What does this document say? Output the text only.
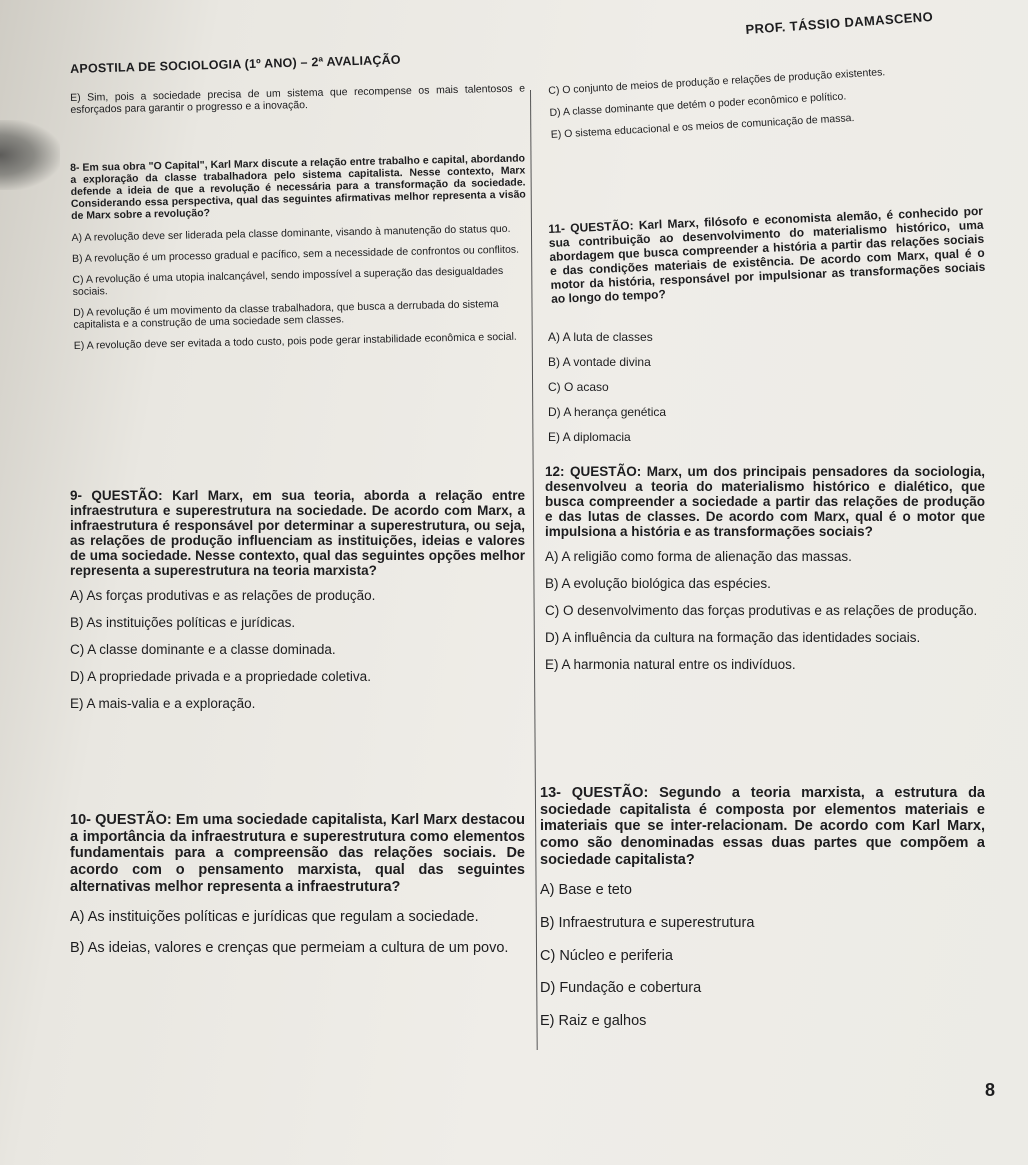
APOSTILA DE SOCIOLOGIA (1º ANO) – 2ª AVALIAÇÃO
PROF. TÁSSIO DAMASCENO

E) Sim, pois a sociedade precisa de um sistema que recompense os mais talentosos e esforçados para garantir o progresso e a inovação.

8- Em sua obra "O Capital", Karl Marx discute a relação entre trabalho e capital, abordando a exploração da classe trabalhadora pelo sistema capitalista. Nesse contexto, Marx defende a ideia de que a revolução é necessária para a transformação da sociedade. Considerando essa perspectiva, qual das seguintes afirmativas melhor representa a visão de Marx sobre a revolução?

A) A revolução deve ser liderada pela classe dominante, visando à manutenção do status quo.

B) A revolução é um processo gradual e pacífico, sem a necessidade de confrontos ou conflitos.

C) A revolução é uma utopia inalcançável, sendo impossível a superação das desigualdades sociais.

D) A revolução é um movimento da classe trabalhadora, que busca a derrubada do sistema capitalista e a construção de uma sociedade sem classes.

E) A revolução deve ser evitada a todo custo, pois pode gerar instabilidade econômica e social.

9- QUESTÃO: Karl Marx, em sua teoria, aborda a relação entre infraestrutura e superestrutura na sociedade. De acordo com Marx, a infraestrutura é responsável por determinar a superestrutura, ou seja, as relações de produção influenciam as instituições, ideias e valores de uma sociedade. Nesse contexto, qual das seguintes opções melhor representa a superestrutura na teoria marxista?

A) As forças produtivas e as relações de produção.

B) As instituições políticas e jurídicas.

C) A classe dominante e a classe dominada.

D) A propriedade privada e a propriedade coletiva.

E) A mais-valia e a exploração.

10- QUESTÃO: Em uma sociedade capitalista, Karl Marx destacou a importância da infraestrutura e superestrutura como elementos fundamentais para a compreensão das relações sociais. De acordo com o pensamento marxista, qual das seguintes alternativas melhor representa a infraestrutura?

A) As instituições políticas e jurídicas que regulam a sociedade.

B) As ideias, valores e crenças que permeiam a cultura de um povo.

C) O conjunto de meios de produção e relações de produção existentes.

D) A classe dominante que detém o poder econômico e político.

E) O sistema educacional e os meios de comunicação de massa.

11- QUESTÃO: Karl Marx, filósofo e economista alemão, é conhecido por sua contribuição ao desenvolvimento do materialismo histórico, uma abordagem que busca compreender a história a partir das relações sociais e das condições materiais de existência. De acordo com Marx, qual é o motor da história, responsável por impulsionar as transformações sociais ao longo do tempo?

A) A luta de classes

B) A vontade divina

C) O acaso

D) A herança genética

E) A diplomacia

12: QUESTÃO: Marx, um dos principais pensadores da sociologia, desenvolveu a teoria do materialismo histórico e dialético, que busca compreender a sociedade a partir das relações de produção e das lutas de classes. De acordo com Marx, qual é o motor que impulsiona a história e as transformações sociais?

A) A religião como forma de alienação das massas.

B) A evolução biológica das espécies.

C) O desenvolvimento das forças produtivas e as relações de produção.

D) A influência da cultura na formação das identidades sociais.

E) A harmonia natural entre os indivíduos.

13- QUESTÃO: Segundo a teoria marxista, a estrutura da sociedade capitalista é composta por elementos materiais e imateriais que se inter-relacionam. De acordo com Karl Marx, como são denominadas essas duas partes que compõem a sociedade capitalista?

A) Base e teto

B) Infraestrutura e superestrutura

C) Núcleo e periferia

D) Fundação e cobertura

E) Raiz e galhos

8
